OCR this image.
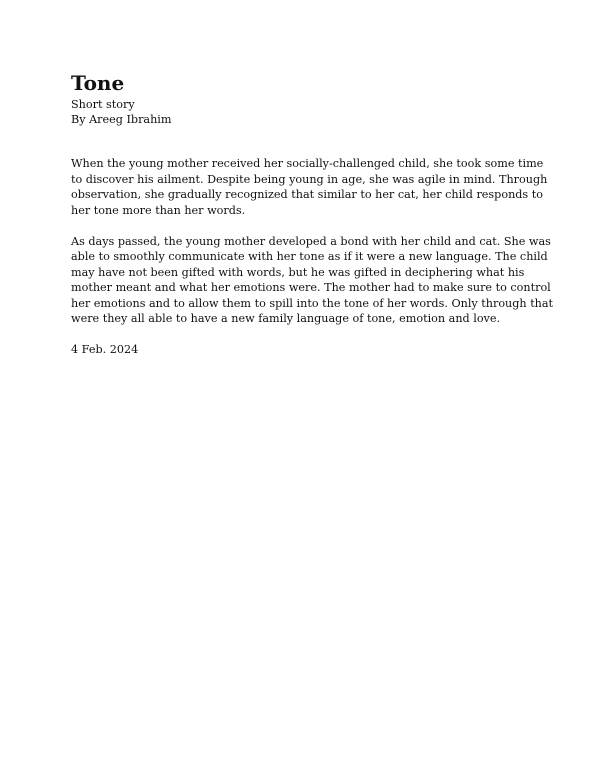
Tone
Short story
By Areeg Ibrahim

When the young mother received her socially-challenged child, she took some time
to discover his ailment. Despite being young in age, she was agile in mind. Through
observation, she gradually recognized that similar to her cat, her child responds to
her tone more than her words.

As days passed, the young mother developed a bond with her child and cat. She was
able to smoothly communicate with her tone as if it were a new language. The child
may have not been gifted with words, but he was gifted in deciphering what his
mother meant and what her emotions were. The mother had to make sure to control
her emotions and to allow them to spill into the tone of her words. Only through that
were they all able to have a new family language of tone, emotion and love.

4 Feb. 2024
